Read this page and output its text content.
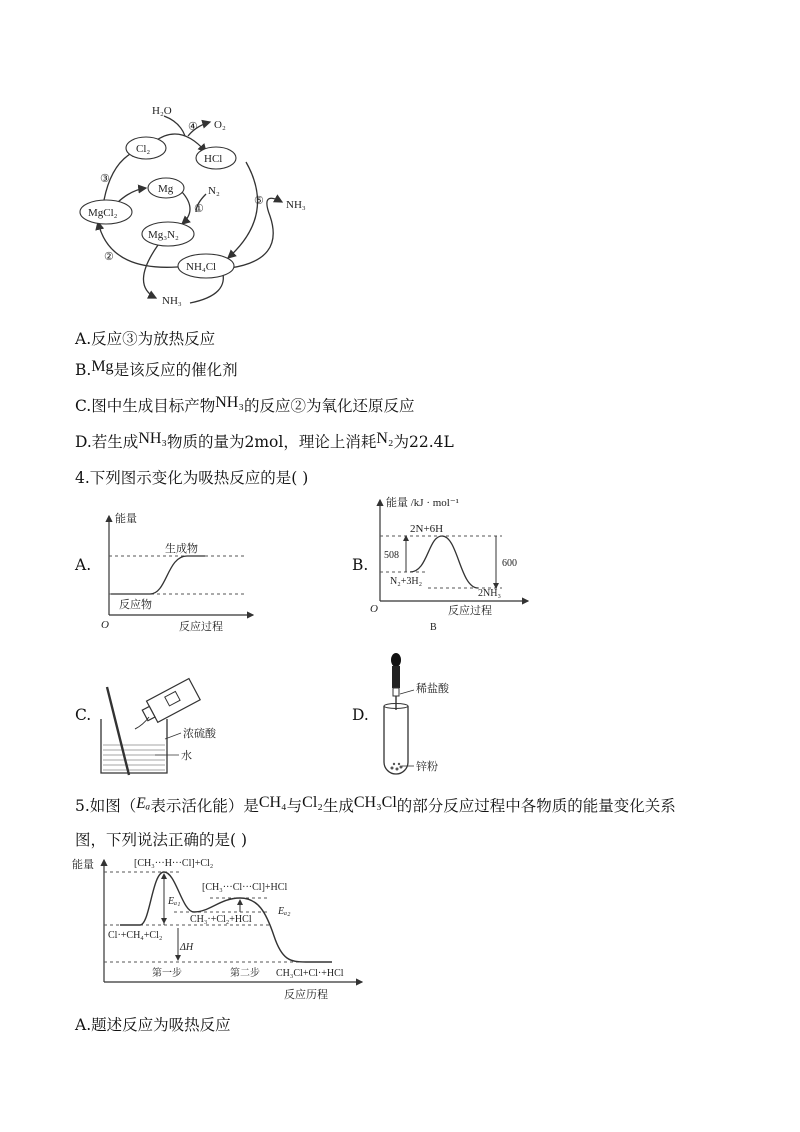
H₂O
④ O₂
Cl₂
HCl
③
Mg	N₂
①
⑤ NH₃
MgCl₂
Mg₃N₂
②
NH₄Cl
NH₃
A.反应③为放热反应
B.Mg是该反应的催化剂
C.图中生成目标产物NH₃的反应②为氧化还原反应
D.若生成NH₃物质的量为2mol，理论上消耗N₂为22.4L
4.下列图示变化为吸热反应的是( )
A.
能量
生成物
反应物
O	反应过程
B.
能量 /kJ · mol⁻¹
2N+6H
508
600
N₂+3H₂
2NH₃
O	反应过程
B
C.
浓硫酸
水
D.
稀盐酸
锌粉
5.如图（Eₐ表示活化能）是CH₄与Cl₂生成CH₃Cl的部分反应过程中各物质的能量变化关系
图，下列说法正确的是( )
能量	[CH₃···H···Cl]+Cl₂
[CH₃···Cl···Cl]+HCl
Eₐ₁
CH₃·+Cl₂+HCl
Eₐ₂
Cl·+CH₄+Cl₂
ΔH
第一步	第二步 CH₃Cl+Cl·+HCl
反应历程
A.题述反应为吸热反应
